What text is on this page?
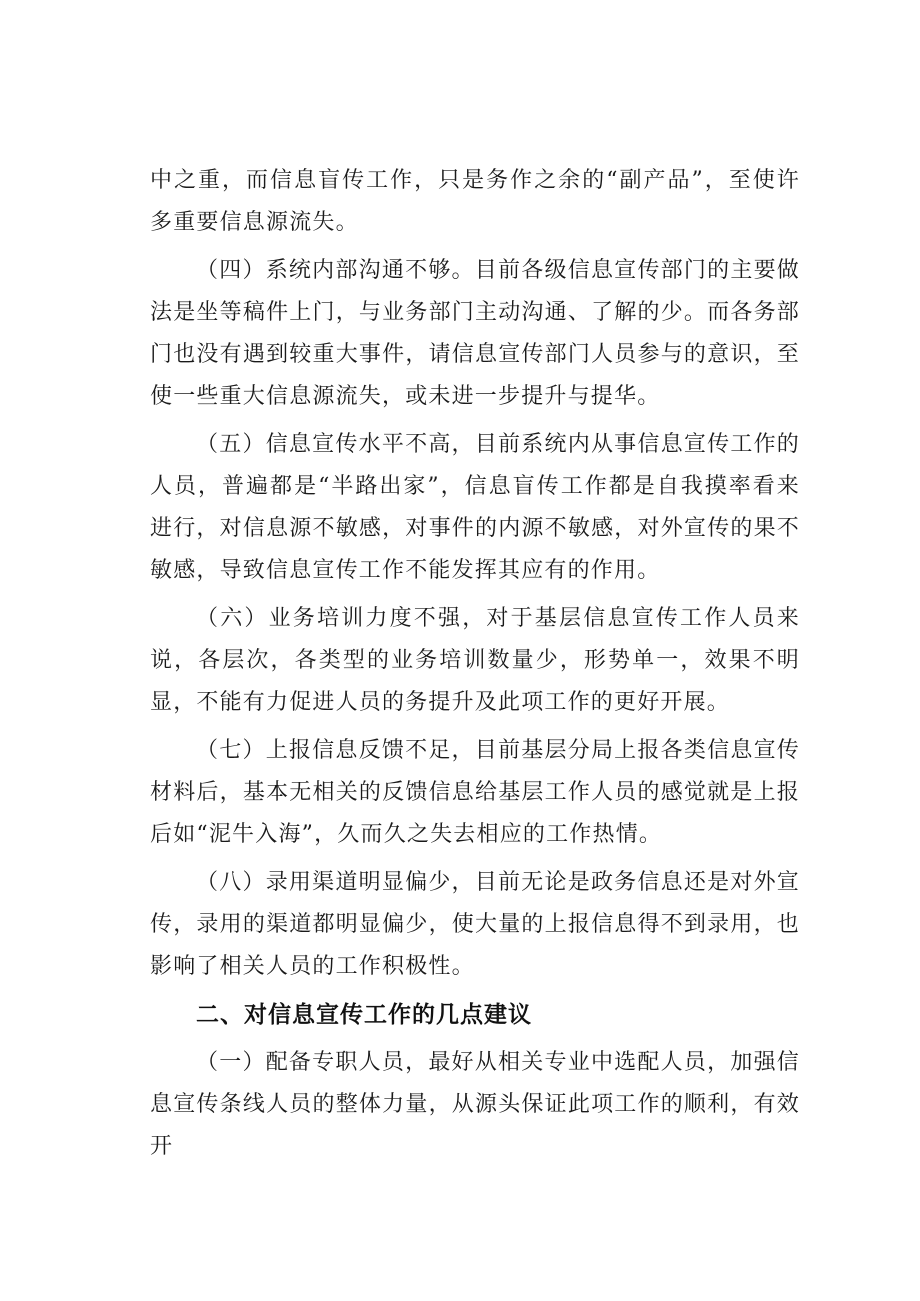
中之重，而信息盲传工作，只是务作之余的“副产品”，至使许多重要信息源流失。

（四）系统内部沟通不够。目前各级信息宣传部门的主要做法是坐等稿件上门，与业务部门主动沟通、了解的少。而各务部门也没有遇到较重大事件，请信息宣传部门人员参与的意识，至使一些重大信息源流失，或未进一步提升与提华。

（五）信息宣传水平不高，目前系统内从事信息宣传工作的人员，普遍都是“半路出家”，信息盲传工作都是自我摸率看来进行，对信息源不敏感，对事件的内源不敏感，对外宣传的果不敏感，导致信息宣传工作不能发挥其应有的作用。

（六）业务培训力度不强，对于基层信息宣传工作人员来说，各层次，各类型的业务培训数量少，形势单一，效果不明显，不能有力促进人员的务提升及此项工作的更好开展。

（七）上报信息反馈不足，目前基层分局上报各类信息宣传材料后，基本无相关的反馈信息给基层工作人员的感觉就是上报后如“泥牛入海”，久而久之失去相应的工作热情。

（八）录用渠道明显偏少，目前无论是政务信息还是对外宣传，录用的渠道都明显偏少，使大量的上报信息得不到录用，也影响了相关人员的工作积极性。

二、对信息宣传工作的几点建议

（一）配备专职人员，最好从相关专业中选配人员，加强信息宣传条线人员的整体力量，从源头保证此项工作的顺利，有效开
